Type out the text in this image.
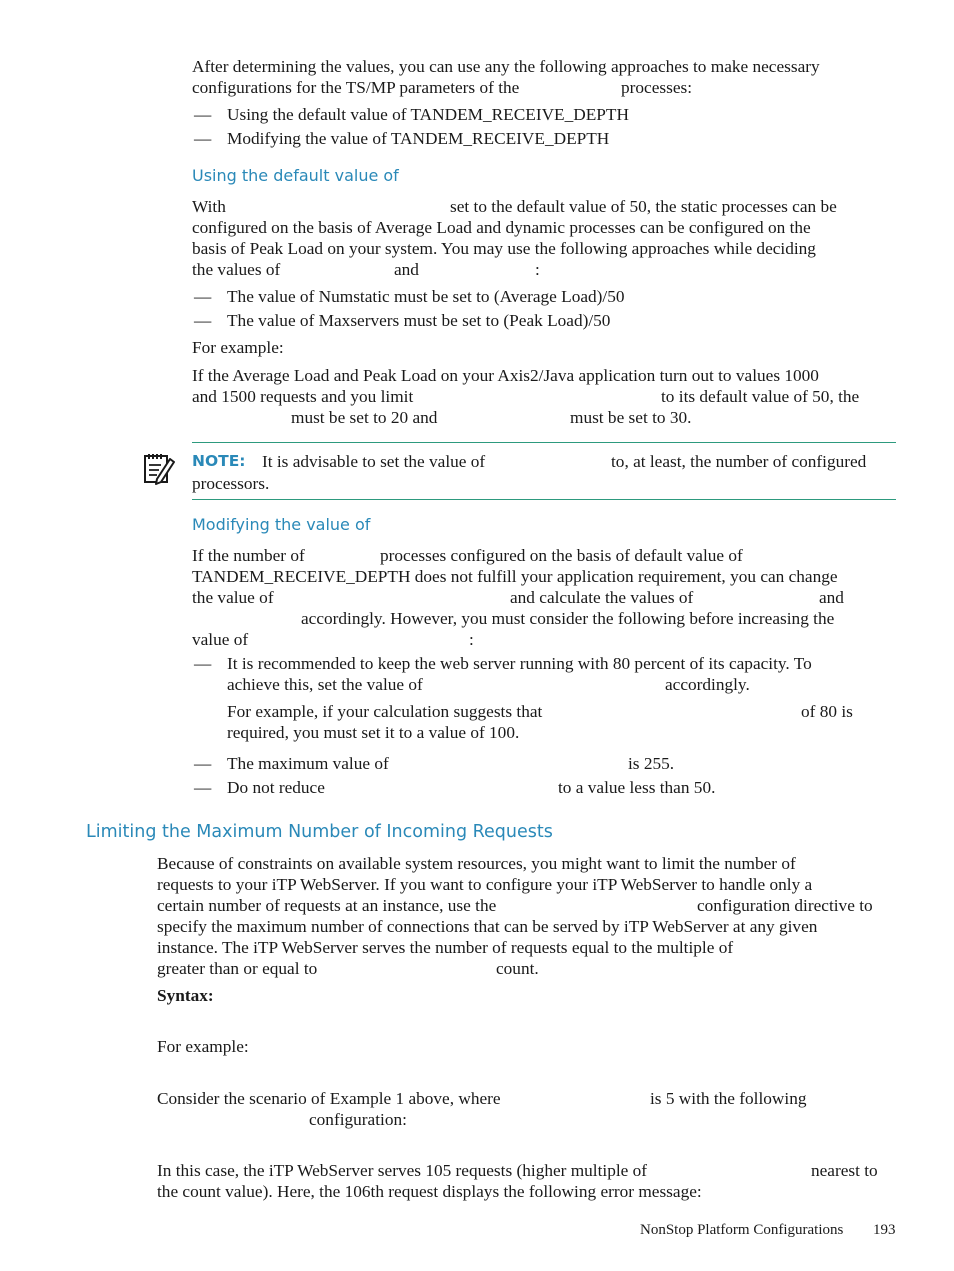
After determining the values, you can use any the following approaches to make necessary
configurations for the TS/MP parameters of the	processes:
— Using the default value of TANDEM_RECEIVE_DEPTH
— Modifying the value of TANDEM_RECEIVE_DEPTH
Using the default value of
With	set to the default value of 50, the static processes can be
configured on the basis of Average Load and dynamic processes can be configured on the
basis of Peak Load on your system. You may use the following approaches while deciding
the values of	and	:
— The value of Numstatic must be set to (Average Load)/50
— The value of Maxservers must be set to (Peak Load)/50
For example:
If the Average Load and Peak Load on your Axis2/Java application turn out to values 1000
and 1500 requests and you limit	to its default value of 50, the
must be set to 20 and	must be set to 30.
NOTE: It is advisable to set the value of	to, at least, the number of configured
processors.
Modifying the value of
If the number of	processes configured on the basis of default value of
TANDEM_RECEIVE_DEPTH does not fulfill your application requirement, you can change
the value of	and calculate the values of	and
accordingly. However, you must consider the following before increasing the
value of	:
— It is recommended to keep the web server running with 80 percent of its capacity. To
achieve this, set the value of	accordingly.
For example, if your calculation suggests that	of 80 is
required, you must set it to a value of 100.
— The maximum value of	is 255.
— Do not reduce	to a value less than 50.
Limiting the Maximum Number of Incoming Requests
Because of constraints on available system resources, you might want to limit the number of
requests to your iTP WebServer. If you want to configure your iTP WebServer to handle only a
certain number of requests at an instance, use the	configuration directive to
specify the maximum number of connections that can be served by iTP WebServer at any given
instance. The iTP WebServer serves the number of requests equal to the multiple of
greater than or equal to	count.
Syntax:
For example:
Consider the scenario of Example 1 above, where	is 5 with the following
configuration:
In this case, the iTP WebServer serves 105 requests (higher multiple of	nearest to
the count value). Here, the 106th request displays the following error message:
NonStop Platform Configurations 193
